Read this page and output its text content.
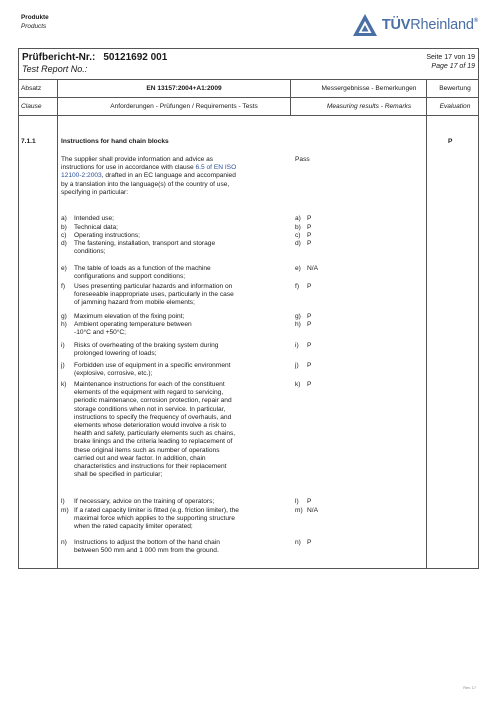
Produkte
Products	TÜVRheinland®
Prüfbericht-Nr.: 50121692 001
Test Report No.:
Seite 17 von 19
Page 17 of 19
Absatz	EN 13157:2004+A1:2009	Messergebnisse - Bemerkungen	Bewertung
Clause	Anforderungen - Prüfungen / Requirements - Tests	Measuring results - Remarks	Evaluation
7.1.1	Instructions for hand chain blocks	P
The supplier shall provide information and advice as
instructions for use in accordance with clause 6.5 of EN ISO
12100-2:2003, drafted in an EC language and accompanied
by a translation into the language(s) of the country of use,
specifying in particular:
Pass
a) Intended use;	a) P
b) Technical data;	b) P
c) Operating instructions;	c) P
d) The fastening, installation, transport and storage
conditions;
d) P
e) The table of loads as a function of the machine
configurations and support conditions;
e) N/A
f) Uses presenting particular hazards and information on
foreseeable inappropriate uses, particularly in the case
of jamming hazard from mobile elements;
f) P
g) Maximum elevation of the fixing point;	g) P
h) Ambient operating temperature between
-10°C and +50°C;
h) P
i) Risks of overheating of the braking system during
prolonged lowering of loads;
i) P
j) Forbidden use of equipment in a specific environment
(explosive, corrosive, etc.);
j) P
k) Maintenance instructions for each of the constituent
elements of the equipment with regard to servicing,
periodic maintenance, corrosion protection, repair and
storage conditions when not in service. In particular,
instructions to specify the frequency of overhauls, and
elements whose deterioration would involve a risk to
health and safety, particularly elements such as chains,
brake linings and the criteria leading to replacement of
these original items such as number of operations
carried out and wear factor. In addition, chain
characteristics and instructions for their replacement
shall be specified in particular;
k) P
l) If necessary, advice on the training of operators;	l) P
m) If a rated capacity limiter is fitted (e.g. friction limiter), the
maximal force which applies to the supporting structure
when the rated capacity limiter operated;
m) N/A
n) Instructions to adjust the bottom of the hand chain
between 500 mm and 1 000 mm from the ground.
n) P
Rev. 17
